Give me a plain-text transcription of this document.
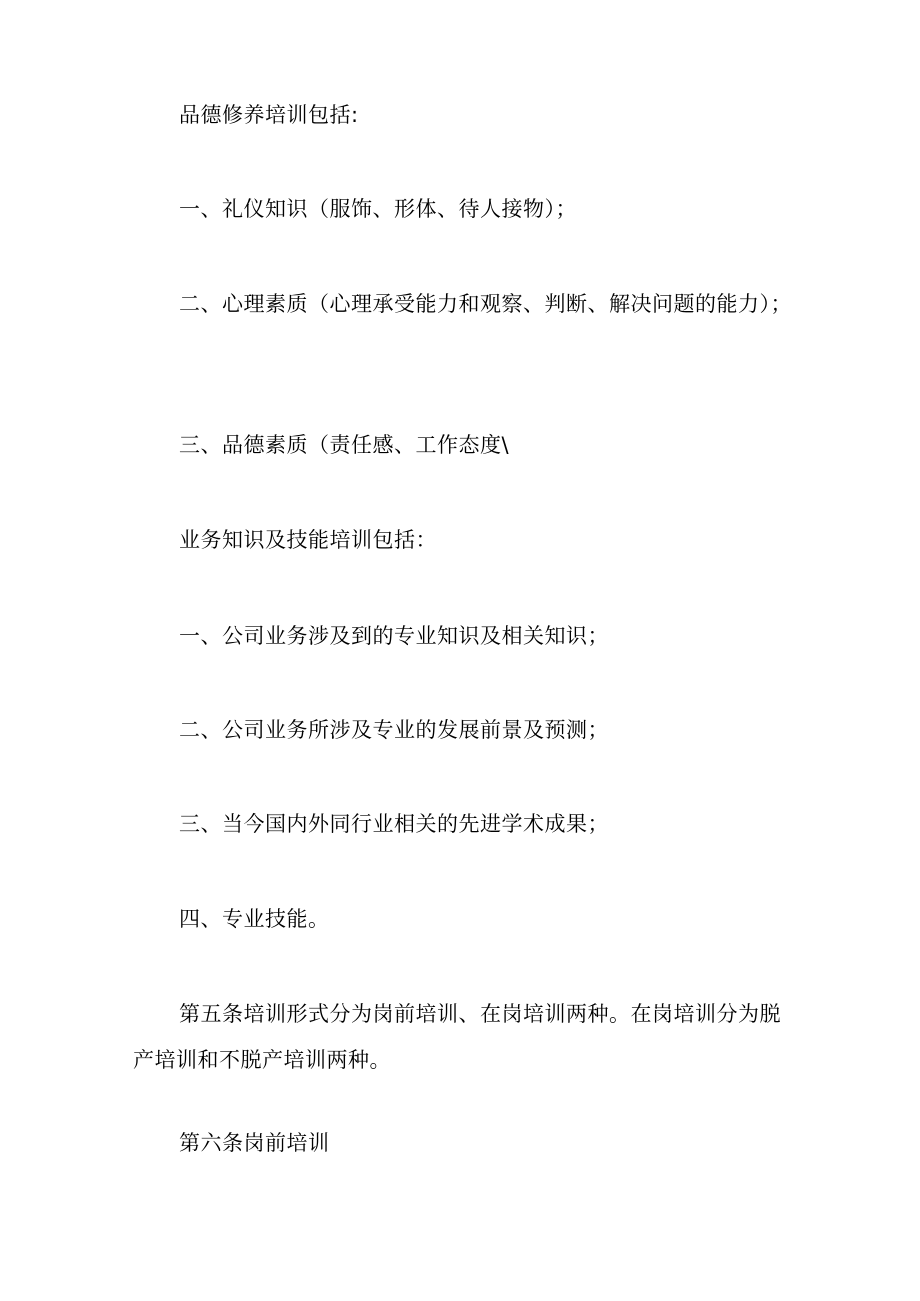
品德修养培训包括:

一、礼仪知识（服饰、形体、待人接物）；

二、心理素质（心理承受能力和观察、判断、解决问题的能力）；

三、品德素质（责任感、工作态度\

业务知识及技能培训包括：

一、公司业务涉及到的专业知识及相关知识；

二、公司业务所涉及专业的发展前景及预测；

三、当今国内外同行业相关的先进学术成果；

四、专业技能。

第五条培训形式分为岗前培训、在岗培训两种。在岗培训分为脱产培训和不脱产培训两种。

第六条岗前培训
